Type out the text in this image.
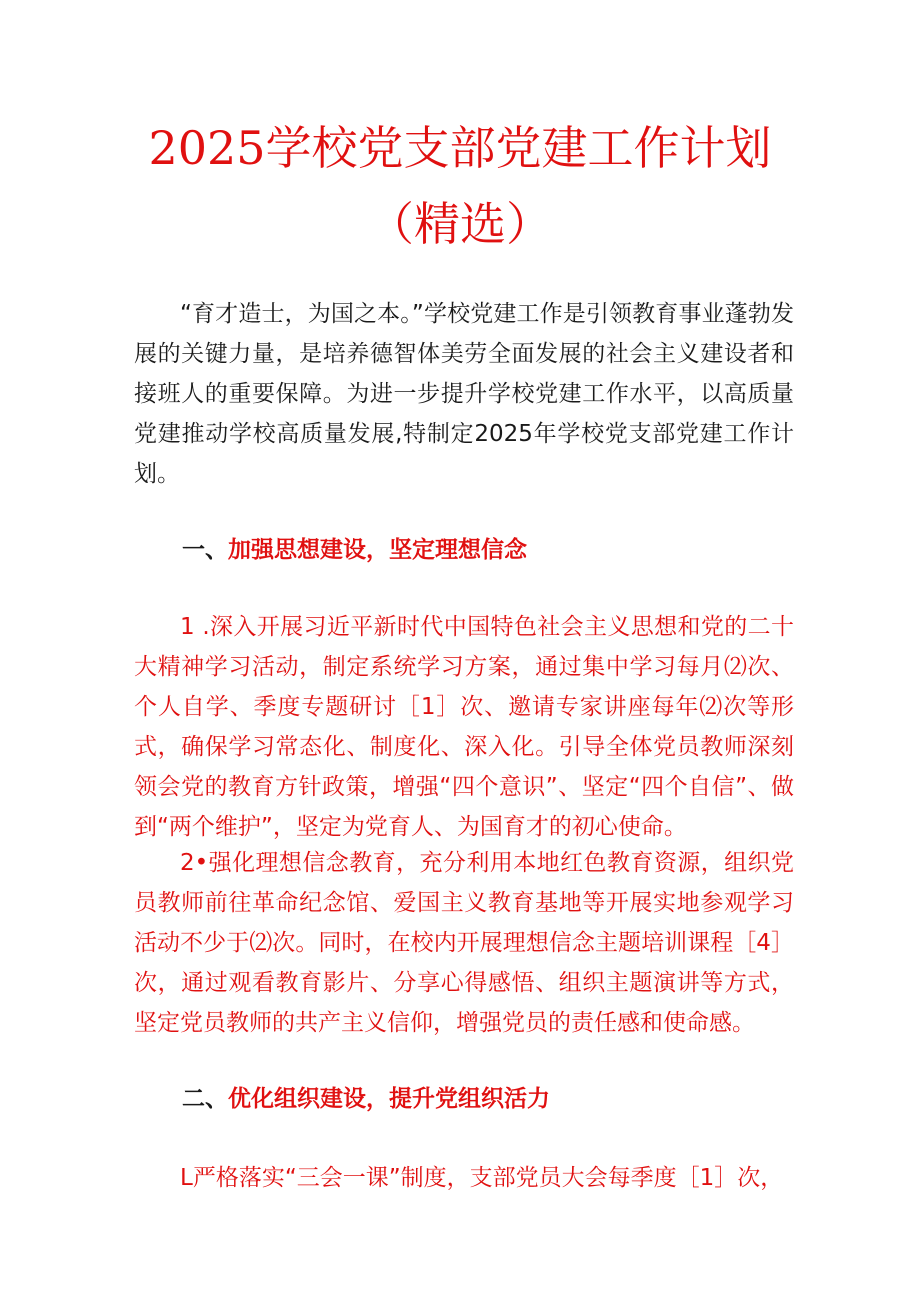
2025学校党支部党建工作计划
（精选）

“育才造士，为国之本。”学校党建工作是引领教育事业蓬勃发展的关键力量，是培养德智体美劳全面发展的社会主义建设者和接班人的重要保障。为进一步提升学校党建工作水平，以高质量党建推动学校高质量发展,特制定2025年学校党支部党建工作计划。

一、加强思想建设，坚定理想信念

1 .深入开展习近平新时代中国特色社会主义思想和党的二十大精神学习活动，制定系统学习方案，通过集中学习每月⑵次、个人自学、季度专题研讨［1］次、邀请专家讲座每年⑵次等形式，确保学习常态化、制度化、深入化。引导全体党员教师深刻领会党的教育方针政策，增强“四个意识”、坚定“四个自信”、做到“两个维护”，坚定为党育人、为国育才的初心使命。

2•强化理想信念教育，充分利用本地红色教育资源，组织党员教师前往革命纪念馆、爱国主义教育基地等开展实地参观学习活动不少于⑵次。同时，在校内开展理想信念主题培训课程［4］次，通过观看教育影片、分享心得感悟、组织主题演讲等方式，坚定党员教师的共产主义信仰，增强党员的责任感和使命感。

二、优化组织建设，提升党组织活力

L严格落实“三会一课”制度，支部党员大会每季度［1］次，
